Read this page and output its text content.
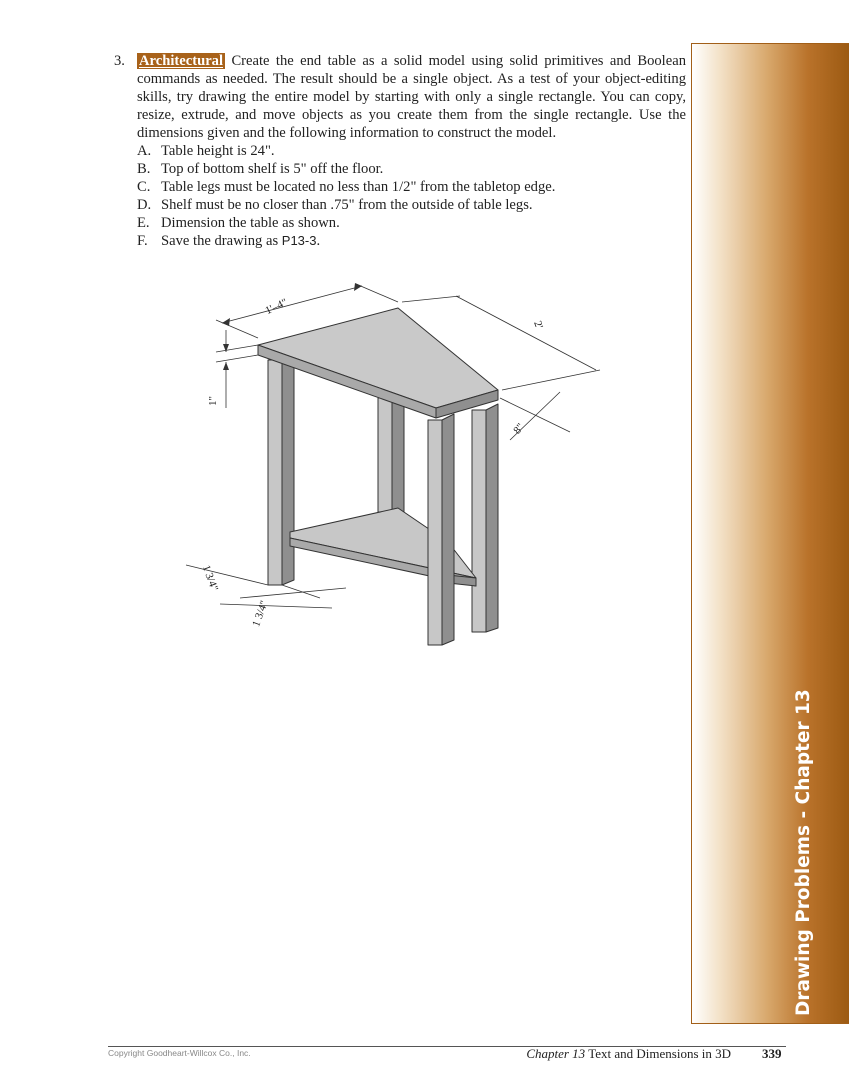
3. Architectural Create the end table as a solid model using solid primitives and Boolean commands as needed. The result should be a single object. As a test of your object-editing skills, try drawing the entire model by starting with only a single rectangle. You can copy, resize, extrude, and move objects as you create them from the single rectangle. Use the dimensions given and the following information to construct the model.

A. Table height is 24".
B. Top of bottom shelf is 5" off the floor.
C. Table legs must be located no less than 1/2" from the tabletop edge.
D. Shelf must be no closer than .75" from the outside of table legs.
E. Dimension the table as shown.
F. Save the drawing as P13-3.
1'–4"
2'
8"
1"
1 3/4"
1 3/4"
Drawing Problems - Chapter 13
Copyright Goodheart-Willcox Co., Inc.	Chapter 13 Text and Dimensions in 3D 339
